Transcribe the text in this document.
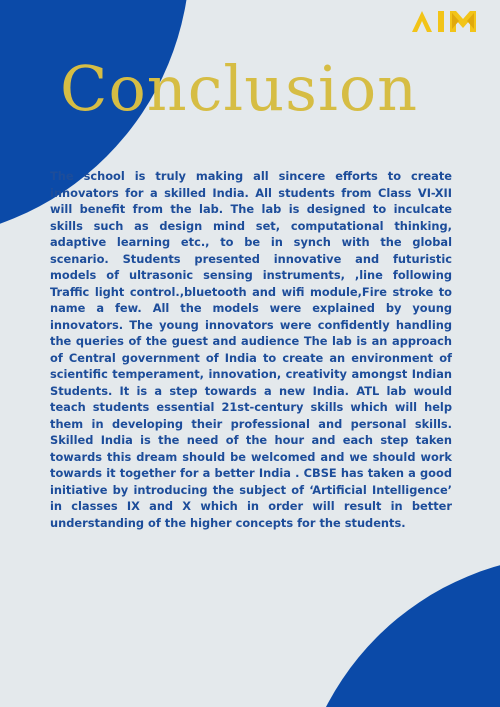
Conclusion

The school is truly making all sincere efforts to create innovators for a skilled India. All students from Class VI-XII will benefit from the lab. The lab is designed to inculcate skills such as design mind set, computational thinking, adaptive learning etc., to be in synch with the global scenario. Students presented innovative and futuristic models of ultrasonic sensing instruments, ,line following Traffic light control.,bluetooth and wifi module,Fire stroke to name a few. All the models were explained by young innovators. The young innovators were confidently handling the queries of the guest and audience The lab is an approach of Central government of India to create an environment of scientific temperament, innovation, creativity amongst Indian Students. It is a step towards a new India. ATL lab would teach students essential 21st-century skills which will help them in developing their professional and personal skills. Skilled India is the need of the hour and each step taken towards this dream should be welcomed and we should work towards it together for a better India . CBSE has taken a good initiative by introducing the subject of ‘Artificial Intelligence’ in classes IX and X which in order will result in better understanding of the higher concepts for the students.
